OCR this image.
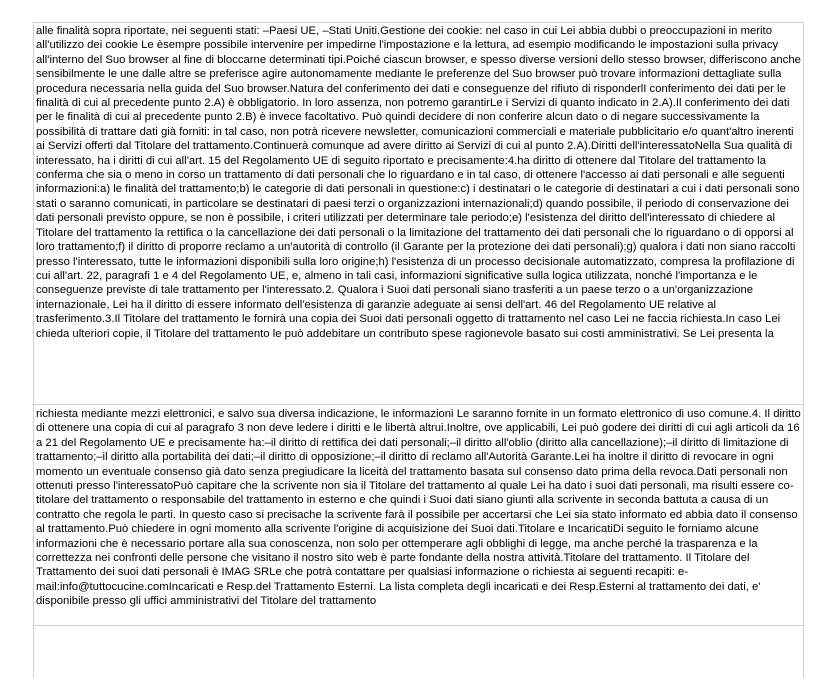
alle finalità sopra riportate, nei seguenti stati: –Paesi UE, –Stati Uniti.Gestione dei cookie: nel caso in cui Lei abbia dubbi o preoccupazioni in merito all'utilizzo dei cookie Le èsempre possibile intervenire per impedirne l'impostazione e la lettura, ad esempio modificando le impostazioni sulla privacy all'interno del Suo browser al fine di bloccarne determinati tipi.Poiché ciascun browser, e spesso diverse versioni dello stesso browser, differiscono anche sensibilmente le une dalle altre se preferisce agire autonomamente mediante le preferenze del Suo browser può trovare informazioni dettagliate sulla procedura necessaria nella guida del Suo browser.Natura del conferimento dei dati e conseguenze del rifiuto di risponderlI conferimento dei dati per le finalità di cui al precedente punto 2.A) è obbligatorio. In loro assenza, non potremo garantirLe i Servizi di quanto indicato in 2.A).Il conferimento dei dati per le finalità di cui al precedente punto 2.B) è invece facoltativo. Può quindi decidere di non conferire alcun dato o di negare successivamente la possibilità di trattare dati già forniti: in tal caso, non potrà ricevere newsletter, comunicazioni commerciali e materiale pubblicitario e/o quant'altro inerenti ai Servizi offerti dal Titolare del trattamento.Continuerà comunque ad avere diritto ai Servizi di cui al punto 2.A).Diritti dell'interessatoNella Sua qualità di interessato, ha i diritti di cui all'art. 15 del Regolamento UE di seguito riportato e precisamente:4.ha diritto di ottenere dal Titolare del trattamento la conferma che sia o meno in corso un trattamento di dati personali che lo riguardano e in tal caso, di ottenere l'accesso ai dati personali e alle seguenti informazioni:a) le finalità del trattamento;b) le categorie di dati personali in questione:c) i destinatari o le categorie di destinatari a cui i dati personali sono stati o saranno comunicati, in particolare se destinatari di paesi terzi o organizzazioni internazionali;d) quando possibile, il periodo di conservazione dei dati personali previsto oppure, se non è possibile, i criteri utilizzati per determinare tale periodo;e) l'esistenza del diritto dell'interessato di chiedere al Titolare del trattamento la rettifica o la cancellazione dei dati personali o la limitazione del trattamento dei dati personali che lo riguardano o di opporsi al loro trattamento;f) il diritto di proporre reclamo a un'autorità di controllo (il Garante per la protezione dei dati personali);g) qualora i dati non siano raccolti presso l'interessato, tutte le informazioni disponibili sulla loro origine;h) l'esistenza di un processo decisionale automatizzato, compresa la profilazione di cui all'art. 22, paragrafi 1 e 4 del Regolamento UE, e, almeno in tali casi, informazioni significative sulla logica utilizzata, nonché l'importanza e le conseguenze previste di tale trattamento per l'interessato.2. Qualora i Suoi dati personali siano trasferiti a un paese terzo o a un'organizzazione internazionale, Lei ha il diritto di essere informato dell'esistenza di garanzie adeguate ai sensi dell'art. 46 del Regolamento UE relative al trasferimento.3.Il Titolare del trattamento le fornirà una copia dei Suoi dati personali oggetto di trattamento nel caso Lei ne faccia richiesta.In caso Lei chieda ulteriori copie, il Titolare del trattamento le può addebitare un contributo spese ragionevole basato sui costi amministrativi. Se Lei presenta la
richiesta mediante mezzi elettronici, e salvo sua diversa indicazione, le informazioni Le saranno fornite in un formato elettronico di uso comune.4. Il diritto di ottenere una copia di cui al paragrafo 3 non deve ledere i diritti e le libertà altrui.Inoltre, ove applicabili, Lei può godere dei diritti di cui agli articoli da 16 a 21 del Regolamento UE e precisamente ha:–il diritto di rettifica dei dati personali;–il diritto all'oblio (diritto alla cancellazione);–il diritto di limitazione di trattamento;–il diritto alla portabilità dei dati;–il diritto di opposizione;–il diritto di reclamo all'Autorità Garante.Lei ha inoltre il diritto di revocare in ogni momento un eventuale consenso già dato senza pregiudicare la liceità del trattamento basata sul consenso dato prima della revoca.Dati personali non ottenuti presso l'interessatoPuò capitare che la scrivente non sia il Titolare del trattamento al quale Lei ha dato i suoi dati personali, ma risulti essere co-titolare del trattamento o responsabile del trattamento in esterno e che quindi i Suoi dati siano giunti alla scrivente in seconda battuta a causa di un contratto che regola le parti. In questo caso si precisache la scrivente farà il possibile per accertarsi che Lei sia stato informato ed abbia dato il consenso al trattamento.Può chiedere in ogni momento alla scrivente l'origine di acquisizione dei Suoi dati.Titolare e IncaricatiDi seguito le forniamo alcune informazioni che è necessario portare alla sua conoscenza, non solo per ottemperare agli obblighi di legge, ma anche perché la trasparenza e la correttezza nei confronti delle persone che visitano il nostro sito web è parte fondante della nostra attività.Titolare del trattamento. Il Titolare del Trattamento dei suoi dati personali è IMAG SRLe che potrà contattare per qualsiasi informazione o richiesta ai seguenti recapiti: e-mail:info@tuttocucine.comIncaricati e Resp.del Trattamento Esterni. La lista completa degli incaricati e dei Resp.Esterni al trattamento dei dati, e' disponibile presso gli uffici amministrativi del Titolare del trattamento
